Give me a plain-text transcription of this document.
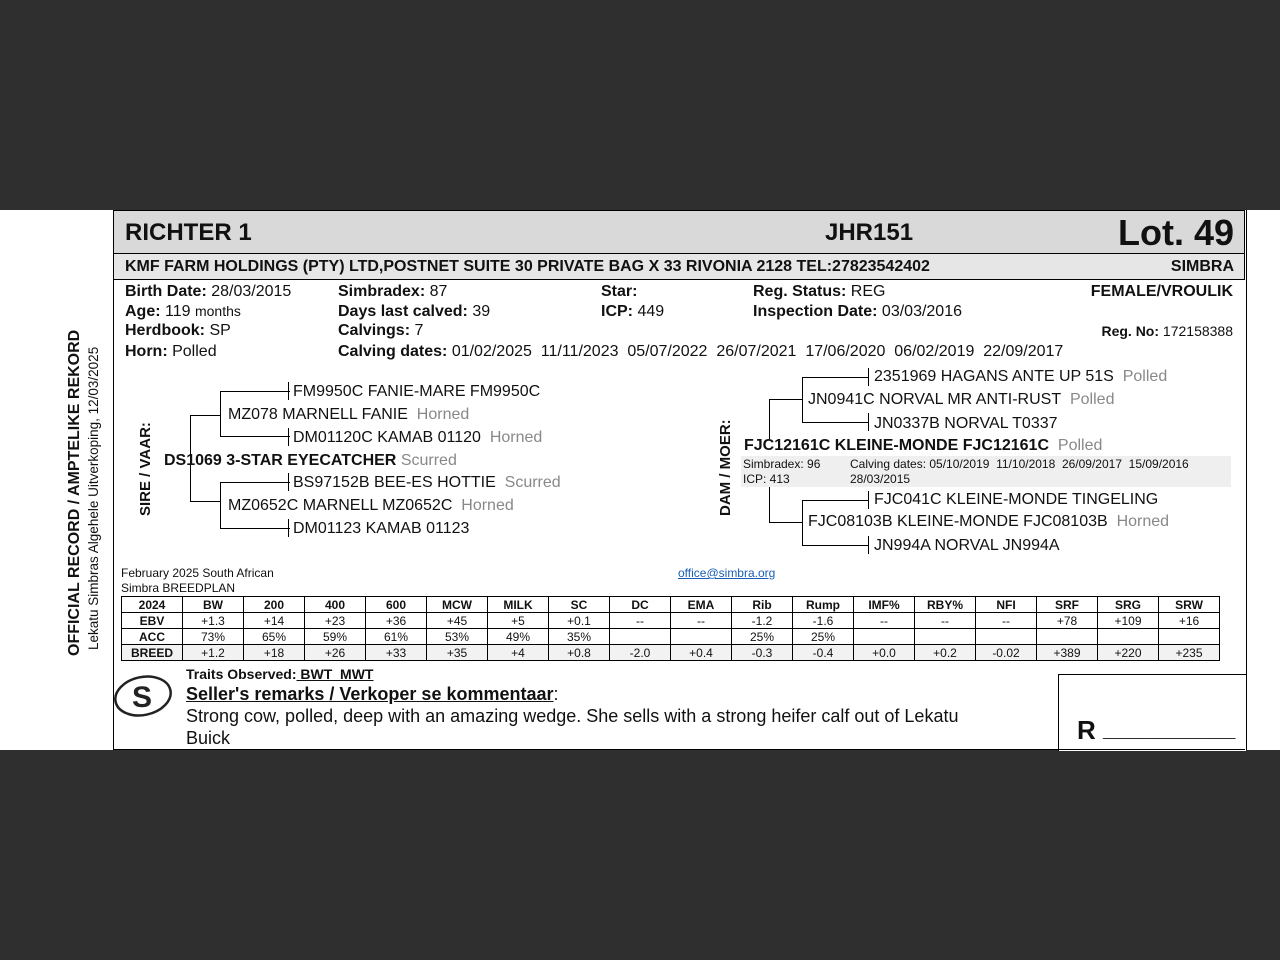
RICHTER 1	JHR151	Lot. 49
KMF FARM HOLDINGS (PTY) LTD,POSTNET SUITE 30 PRIVATE BAG X 33 RIVONIA 2128 TEL:27823542402	SIMBRA
OFFICIAL RECORD / AMPTELIKE REKORD Lekatu Simbras Algehele Uitverkoping, 12/03/2025
Birth Date: 28/03/2015
Age: 119 months
Herdbook: SP
Horn: Polled
Simbradex: 87
Days last calved: 39
Calvings: 7
Calving dates: 01/02/2025  11/11/2023  05/07/2022  26/07/2021  17/06/2020  06/02/2019  22/09/2017
Star:
ICP: 449
Reg. Status: REG
Inspection Date: 03/03/2016
FEMALE/VROULIK
Reg. No: 172158388
SIRE / VAAR:
FM9950C FANIE-MARE FM9950C
MZ078 MARNELL FANIE Horned
DM01120C KAMAB 01120 Horned
DS1069 3-STAR EYECATCHER Scurred
BS97152B BEE-ES HOTTIE Scurred
MZ0652C MARNELL MZ0652C Horned
DM01123 KAMAB 01123
DAM / MOER:
2351969 HAGANS ANTE UP 51S Polled
JN0941C NORVAL MR ANTI-RUST Polled
JN0337B NORVAL T0337
FJC12161C KLEINE-MONDE FJC12161C Polled
Simbradex: 96
ICP: 413
Calving dates: 05/10/2019  11/10/2018  26/09/2017  15/09/2016
28/03/2015
FJC041C KLEINE-MONDE TINGELING
FJC08103B KLEINE-MONDE FJC08103B Horned
JN994A NORVAL JN994A
February 2025 South African
Simbra BREEDPLAN
office@simbra.org
2024	BW	200	400	600	MCW	MILK	SC	DC	EMA	Rib	Rump	IMF%	RBY%	NFI	SRF	SRG	SRW
EBV	+1.3	+14	+23	+36	+45	+5	+0.1	--	--	-1.2	-1.6	--	--	--	+78	+109	+16
ACC	73%	65%	59%	61%	53%	49%	35%			25%	25%						
BREED	+1.2	+18	+26	+33	+35	+4	+0.8	-2.0	+0.4	-0.3	-0.4	+0.0	+0.2	-0.02	+389	+220	+235
S
Traits Observed: BWT  MWT
Seller's remarks / Verkoper se kommentaar:
Strong cow, polled, deep with an amazing wedge. She sells with a strong heifer calf out of Lekatu
Buick	R _________________
